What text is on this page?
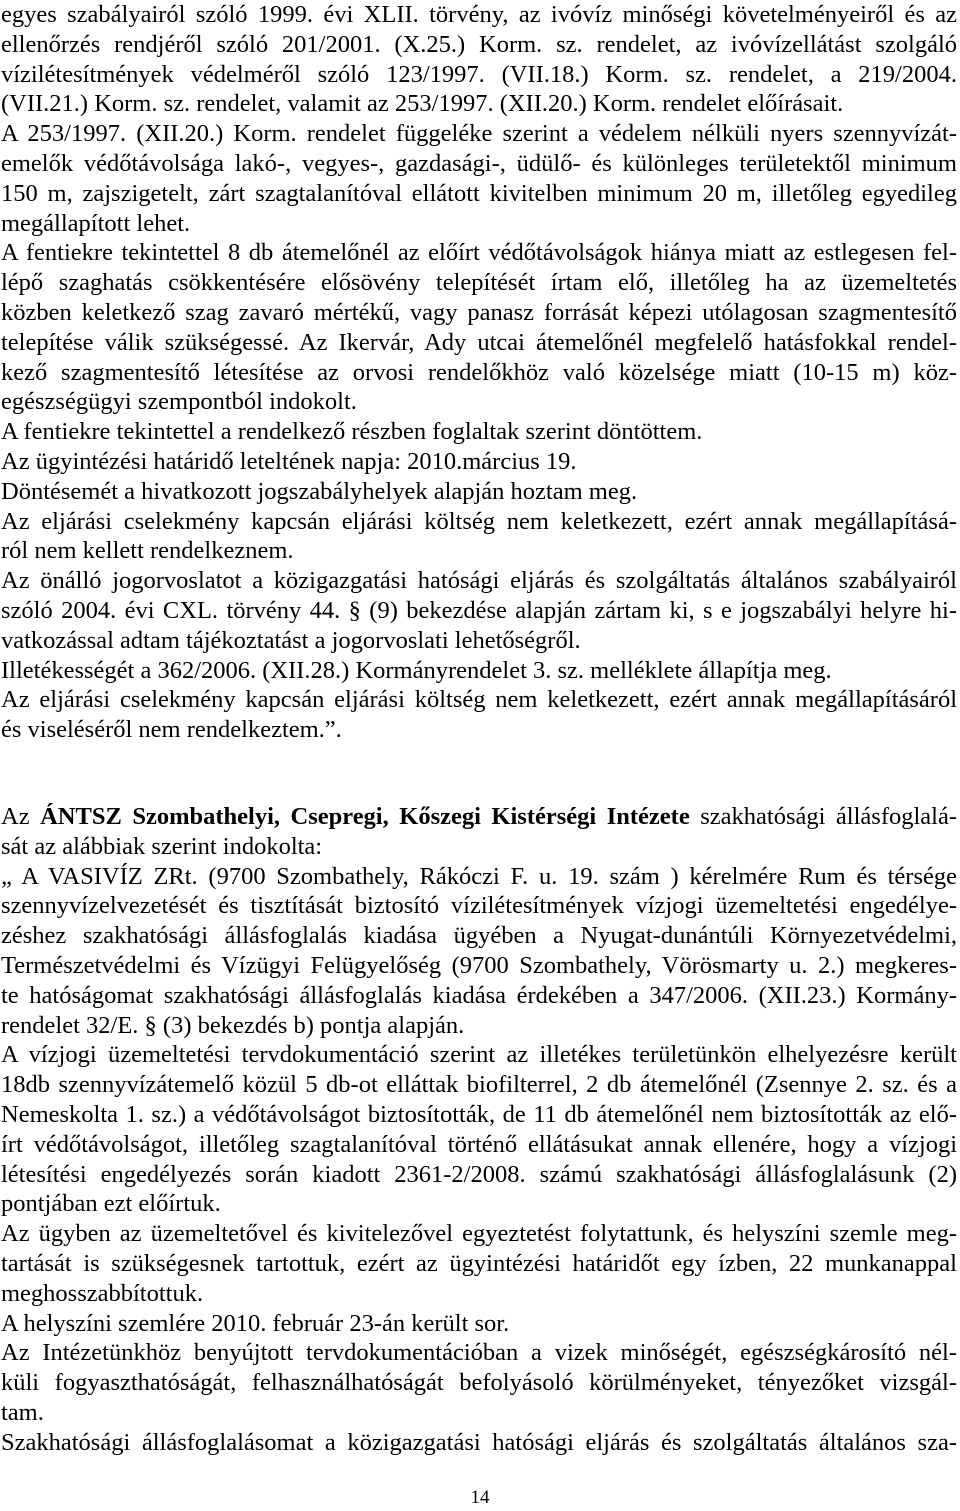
egyes szabályairól szóló 1999. évi XLII. törvény, az ivóvíz minőségi követelményeiről és az
ellenőrzés rendjéről szóló 201/2001. (X.25.) Korm. sz. rendelet, az ivóvízellátást szolgáló
vízilétesítmények védelméről szóló 123/1997. (VII.18.) Korm. sz. rendelet, a 219/2004.
(VII.21.) Korm. sz. rendelet, valamit az 253/1997. (XII.20.) Korm. rendelet előírásait.
A 253/1997. (XII.20.) Korm. rendelet függeléke szerint a védelem nélküli nyers szennyvízát-
emelők védőtávolsága lakó-, vegyes-, gazdasági-, üdülő- és különleges területektől minimum
150 m, zajszigetelt, zárt szagtalanítóval ellátott kivitelben minimum 20 m, illetőleg egyedileg
megállapított lehet.
A fentiekre tekintettel 8 db átemelőnél az előírt védőtávolságok hiánya miatt az estlegesen fel-
lépő szaghatás csökkentésére elősövény telepítését írtam elő, illetőleg ha az üzemeltetés
közben keletkező szag zavaró mértékű, vagy panasz forrását képezi utólagosan szagmentesítő
telepítése válik szükségessé. Az Ikervár, Ady utcai átemelőnél megfelelő hatásfokkal rendel-
kező szagmentesítő létesítése az orvosi rendelőkhöz való közelsége miatt (10-15 m) köz-
egészségügyi szempontból indokolt.
A fentiekre tekintettel a rendelkező részben foglaltak szerint döntöttem.
Az ügyintézési határidő leteltének napja: 2010.március 19.
Döntésemét a hivatkozott jogszabályhelyek alapján hoztam meg.
Az eljárási cselekmény kapcsán eljárási költség nem keletkezett, ezért annak megállapításá-
ról nem kellett rendelkeznem.
Az önálló jogorvoslatot a közigazgatási hatósági eljárás és szolgáltatás általános szabályairól
szóló 2004. évi CXL. törvény 44. § (9) bekezdése alapján zártam ki, s e jogszabályi helyre hi-
vatkozással adtam tájékoztatást a jogorvoslati lehetőségről.
Illetékességét a 362/2006. (XII.28.) Kormányrendelet 3. sz. melléklete állapítja meg.
Az eljárási cselekmény kapcsán eljárási költség nem keletkezett, ezért annak megállapításáról
és viseléséről nem rendelkeztem.”.
Az ÁNTSZ Szombathelyi, Csepregi, Kőszegi Kistérségi Intézete szakhatósági állásfoglalá-
sát az alábbiak szerint indokolta:
„ A VASIVÍZ ZRt. (9700 Szombathely, Rákóczi F. u. 19. szám ) kérelmére Rum és térsége
szennyvízelvezetését és tisztítását biztosító vízilétesítmények vízjogi üzemeltetési engedélye-
zéshez szakhatósági állásfoglalás kiadása ügyében a Nyugat-dunántúli Környezetvédelmi,
Természetvédelmi és Vízügyi Felügyelőség (9700 Szombathely, Vörösmarty u. 2.) megkeres-
te hatóságomat szakhatósági állásfoglalás kiadása érdekében a 347/2006. (XII.23.) Kormány-
rendelet 32/E. § (3) bekezdés b) pontja alapján.
A vízjogi üzemeltetési tervdokumentáció szerint az illetékes területünkön elhelyezésre került
18db szennyvízátemelő közül 5 db-ot elláttak biofilterrel, 2 db átemelőnél (Zsennye 2. sz. és a
Nemeskolta 1. sz.) a védőtávolságot biztosították, de 11 db átemelőnél nem biztosították az elő-
írt védőtávolságot, illetőleg szagtalanítóval történő ellátásukat annak ellenére, hogy a vízjogi
létesítési engedélyezés során kiadott 2361-2/2008. számú szakhatósági állásfoglalásunk (2)
pontjában ezt előírtuk.
Az ügyben az üzemeltetővel és kivitelezővel egyeztetést folytattunk, és helyszíni szemle meg-
tartását is szükségesnek tartottuk, ezért az ügyintézési határidőt egy ízben, 22 munkanappal
meghosszabbítottuk.
A helyszíni szemlére 2010. február 23-án került sor.
Az Intézetünkhöz benyújtott tervdokumentációban a vizek minőségét, egészségkárosító nél-
küli fogyaszthatóságát, felhasználhatóságát befolyásoló körülményeket, tényezőket vizsgál-
tam.
Szakhatósági állásfoglalásomat a közigazgatási hatósági eljárás és szolgáltatás általános sza-
14
